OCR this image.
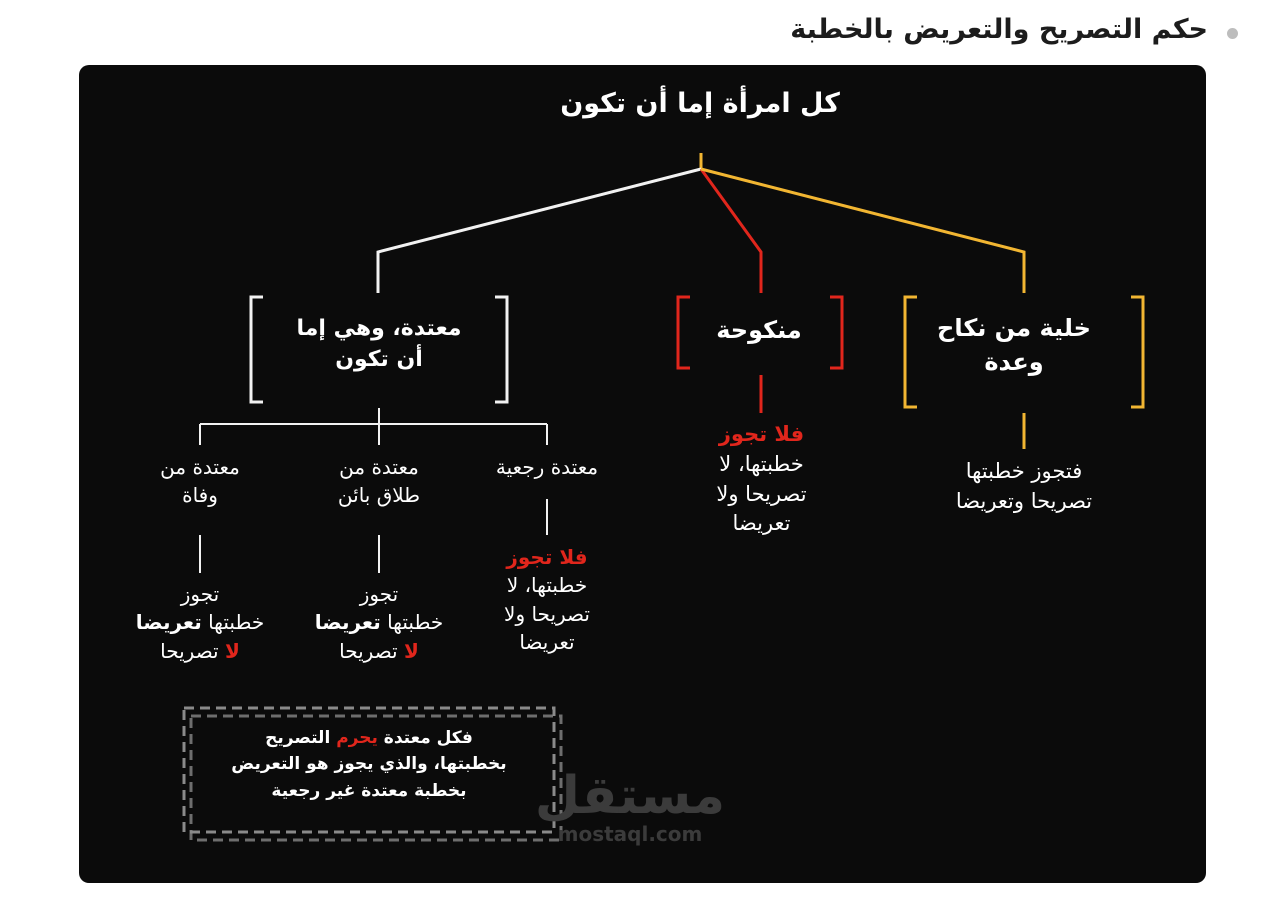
حكم التصريح والتعريض بالخطبة
كل امرأة إما أن تكون
خلية من نكاح
وعدة
منكوحة
معتدة، وهي إما
أن تكون
فتجوز خطبتها
تصريحا وتعريضا
فلا تجوز
خطبتها، لا
تصريحا ولا
تعريضا
معتدة رجعية
معتدة من
طلاق بائن
معتدة من
وفاة
فلا تجوز
خطبتها، لا
تصريحا ولا
تعريضا
تجوز
خطبتها تعريضا
لا تصريحا
تجوز
خطبتها تعريضا
لا تصريحا
فكل معتدة يحرم التصريح
بخطبتها، والذي يجوز هو التعريض
بخطبة معتدة غير رجعية	مستقل
mostaql.com
